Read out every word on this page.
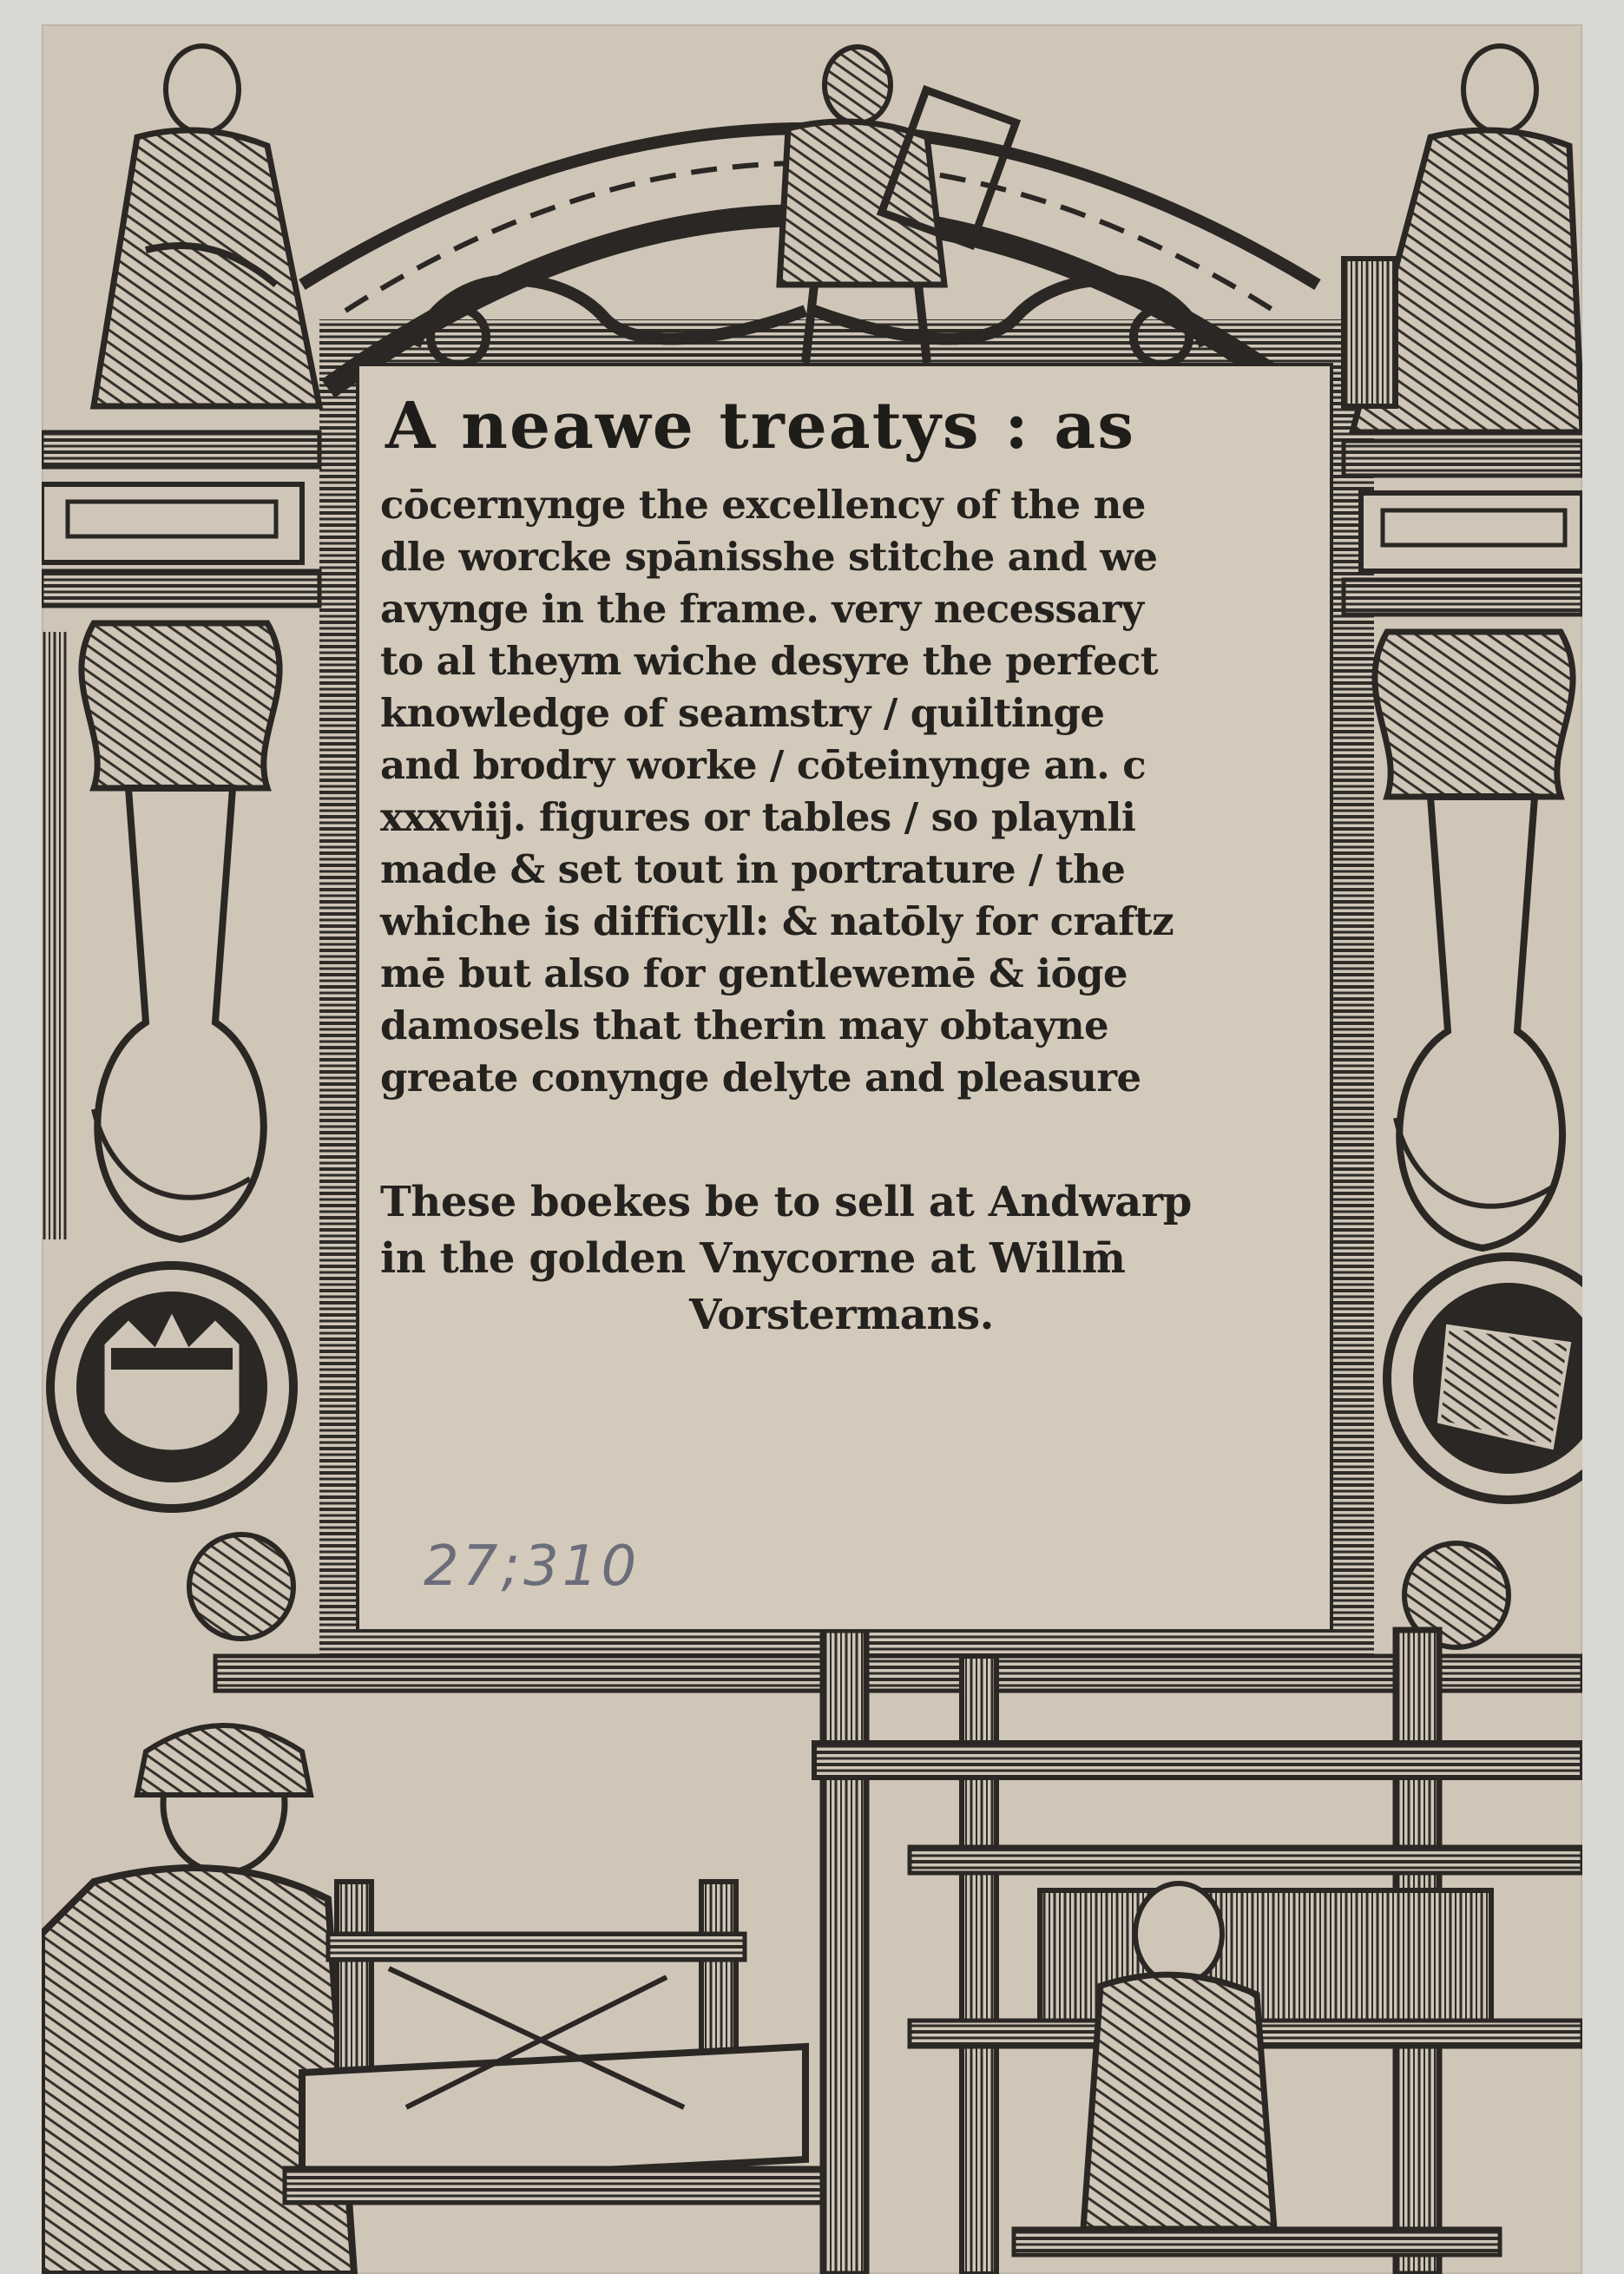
A neawe treatys : as
cōcernynge the excellency of the ne
dle worcke spānisshe stitche and we
avynge in the frame. very necessary
to al theym wiche desyre the perfect
knowledge of seamstry / quiltinge
and brodry worke / cōteinynge an. c
xxxviij. figures or tables / so playnli
made & set tout in portrature / the
whiche is difficyll: & natōly for craftz
mē but also for gentlewemē & iōge
damosels that therin may obtayne
greate conynge delyte and pleasure
These boekes be to sell at Andwarp
in the golden Vnycorne at Willm̄
Vorstermans.
27;310
